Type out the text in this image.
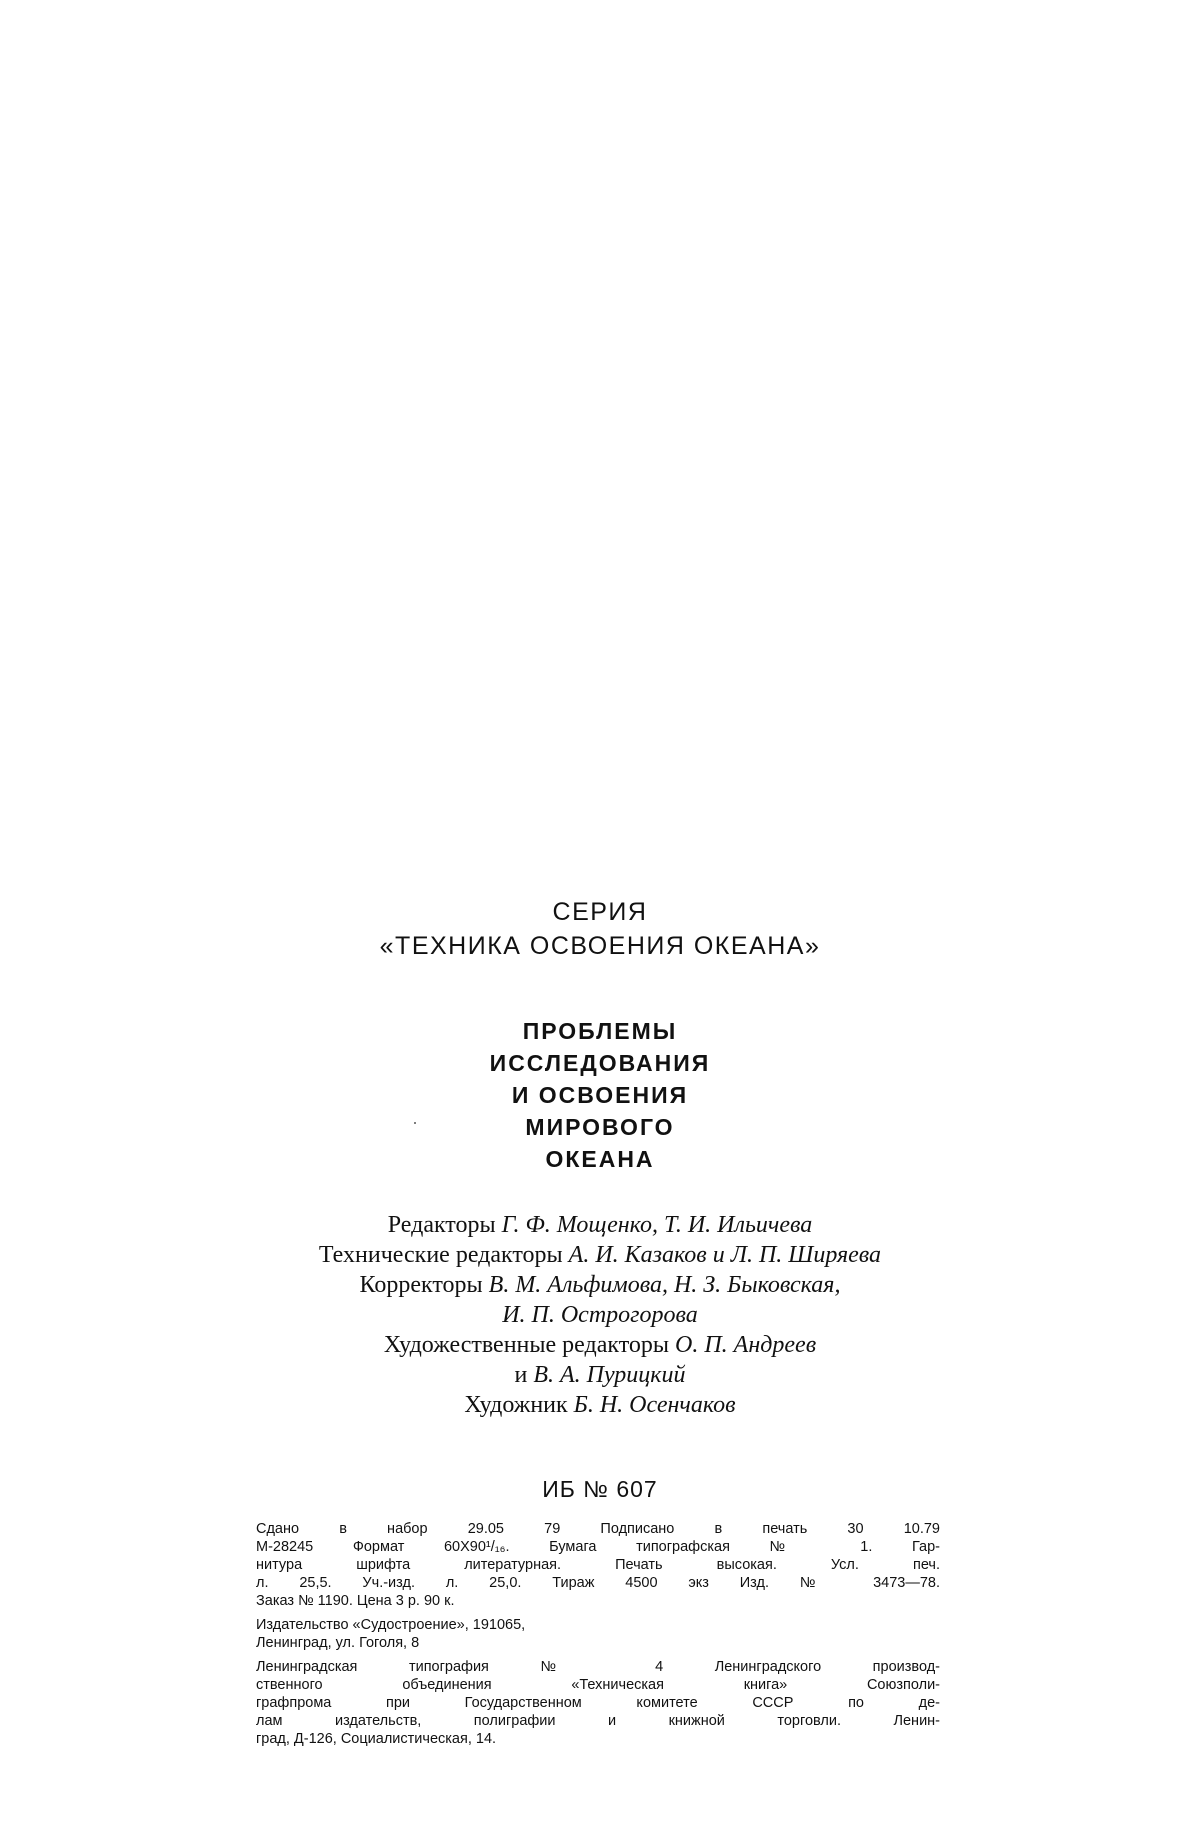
СЕРИЯ
«ТЕХНИКА ОСВОЕНИЯ ОКЕАНА»
ПРОБЛЕМЫ
ИССЛЕДОВАНИЯ
И ОСВОЕНИЯ
МИРОВОГО
ОКЕАНА
Редакторы Г. Ф. Мощенко, Т. И. Ильичева
Технические редакторы А. И. Казаков и Л. П. Ширяева
Корректоры В. М. Альфимова, Н. З. Быковская,
И. П. Острогорова
Художественные редакторы О. П. Андреев
и В. А. Пурицкий
Художник Б. Н. Осенчаков
ИБ № 607
Сдано в набор 29.05 79 Подписано в печать 30 10.79
М-28245 Формат 60Х90¹/₁₆. Бумага типографская № 1. Гар-
нитура шрифта литературная. Печать высокая. Усл. печ.
л. 25,5. Уч.-изд. л. 25,0. Тираж 4500 экз Изд. № 3473—78.
Заказ № 1190. Цена 3 р. 90 к.
Издательство «Судостроение», 191065,
Ленинград, ул. Гоголя, 8
Ленинградская типография № 4 Ленинградского производ-
ственного объединения «Техническая книга» Союзполи-
графпрома при Государственном комитете СССР по де-
лам издательств, полиграфии и книжной торговли. Ленин-
град, Д-126, Социалистическая, 14.
